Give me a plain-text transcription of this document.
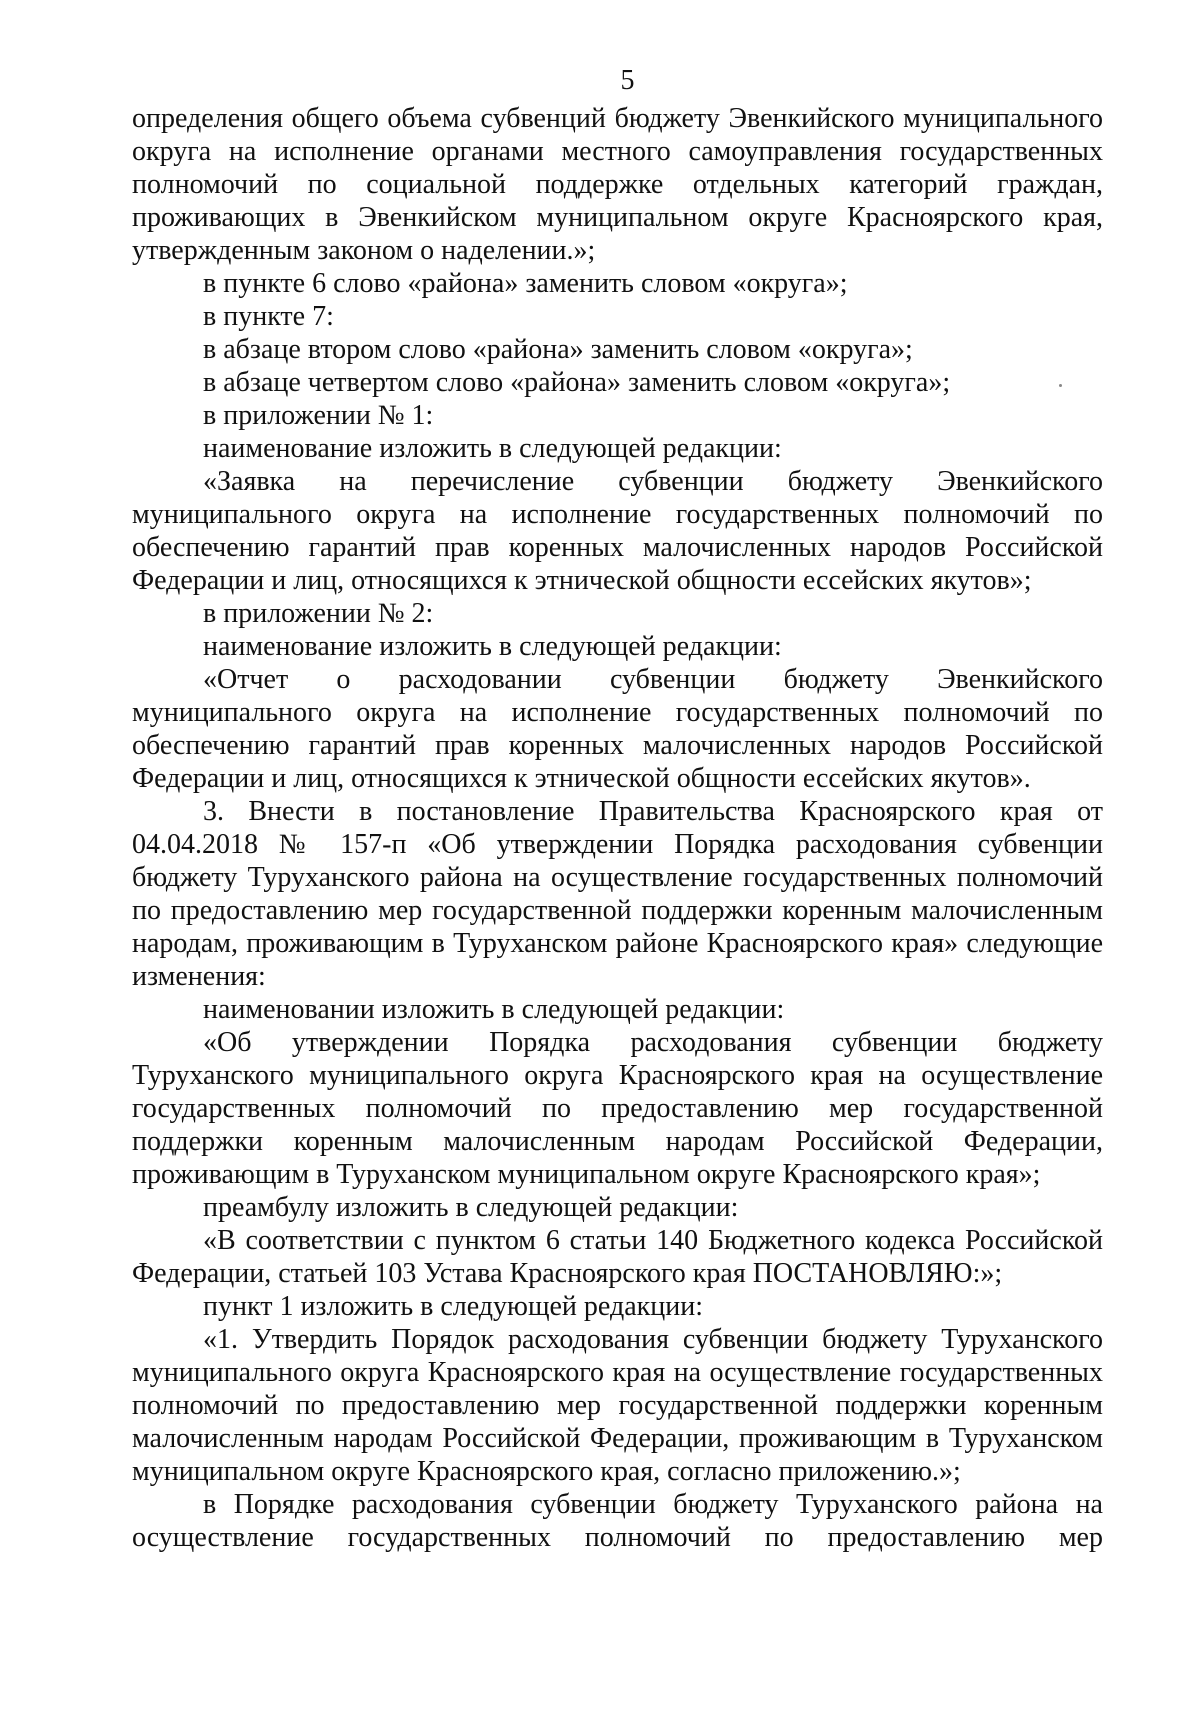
5

определения общего объема субвенций бюджету Эвенкийского муниципального округа на исполнение органами местного самоуправления государственных полномочий по социальной поддержке отдельных категорий граждан, проживающих в Эвенкийском муниципальном округе Красноярского края, утвержденным законом о наделении.»;

в пункте 6 слово «района» заменить словом «округа»;

в пункте 7:

в абзаце втором слово «района» заменить словом «округа»;

в абзаце четвертом слово «района» заменить словом «округа»;

в приложении № 1:

наименование изложить в следующей редакции:

«Заявка на перечисление субвенции бюджету Эвенкийского муниципального округа на исполнение государственных полномочий по обеспечению гарантий прав коренных малочисленных народов Российской Федерации и лиц, относящихся к этнической общности ессейских якутов»;

в приложении № 2:

наименование изложить в следующей редакции:

«Отчет о расходовании субвенции бюджету Эвенкийского муниципального округа на исполнение государственных полномочий по обеспечению гарантий прав коренных малочисленных народов Российской Федерации и лиц, относящихся к этнической общности ессейских якутов».

3. Внести в постановление Правительства Красноярского края от 04.04.2018 № 157-п «Об утверждении Порядка расходования субвенции бюджету Туруханского района на осуществление государственных полномочий по предоставлению мер государственной поддержки коренным малочисленным народам, проживающим в Туруханском районе Красноярского края» следующие изменения:

наименовании изложить в следующей редакции:

«Об утверждении Порядка расходования субвенции бюджету Туруханского муниципального округа Красноярского края на осуществление государственных полномочий по предоставлению мер государственной поддержки коренным малочисленным народам Российской Федерации, проживающим в Туруханском муниципальном округе Красноярского края»;

преамбулу изложить в следующей редакции:

«В соответствии с пунктом 6 статьи 140 Бюджетного кодекса Российской Федерации, статьей 103 Устава Красноярского края ПОСТАНОВЛЯЮ:»;

пункт 1 изложить в следующей редакции:

«1. Утвердить Порядок расходования субвенции бюджету Туруханского муниципального округа Красноярского края на осуществление государственных полномочий по предоставлению мер государственной поддержки коренным малочисленным народам Российской Федерации, проживающим в Туруханском муниципальном округе Красноярского края, согласно приложению.»;

в Порядке расходования субвенции бюджету Туруханского района на осуществление государственных полномочий по предоставлению мер
